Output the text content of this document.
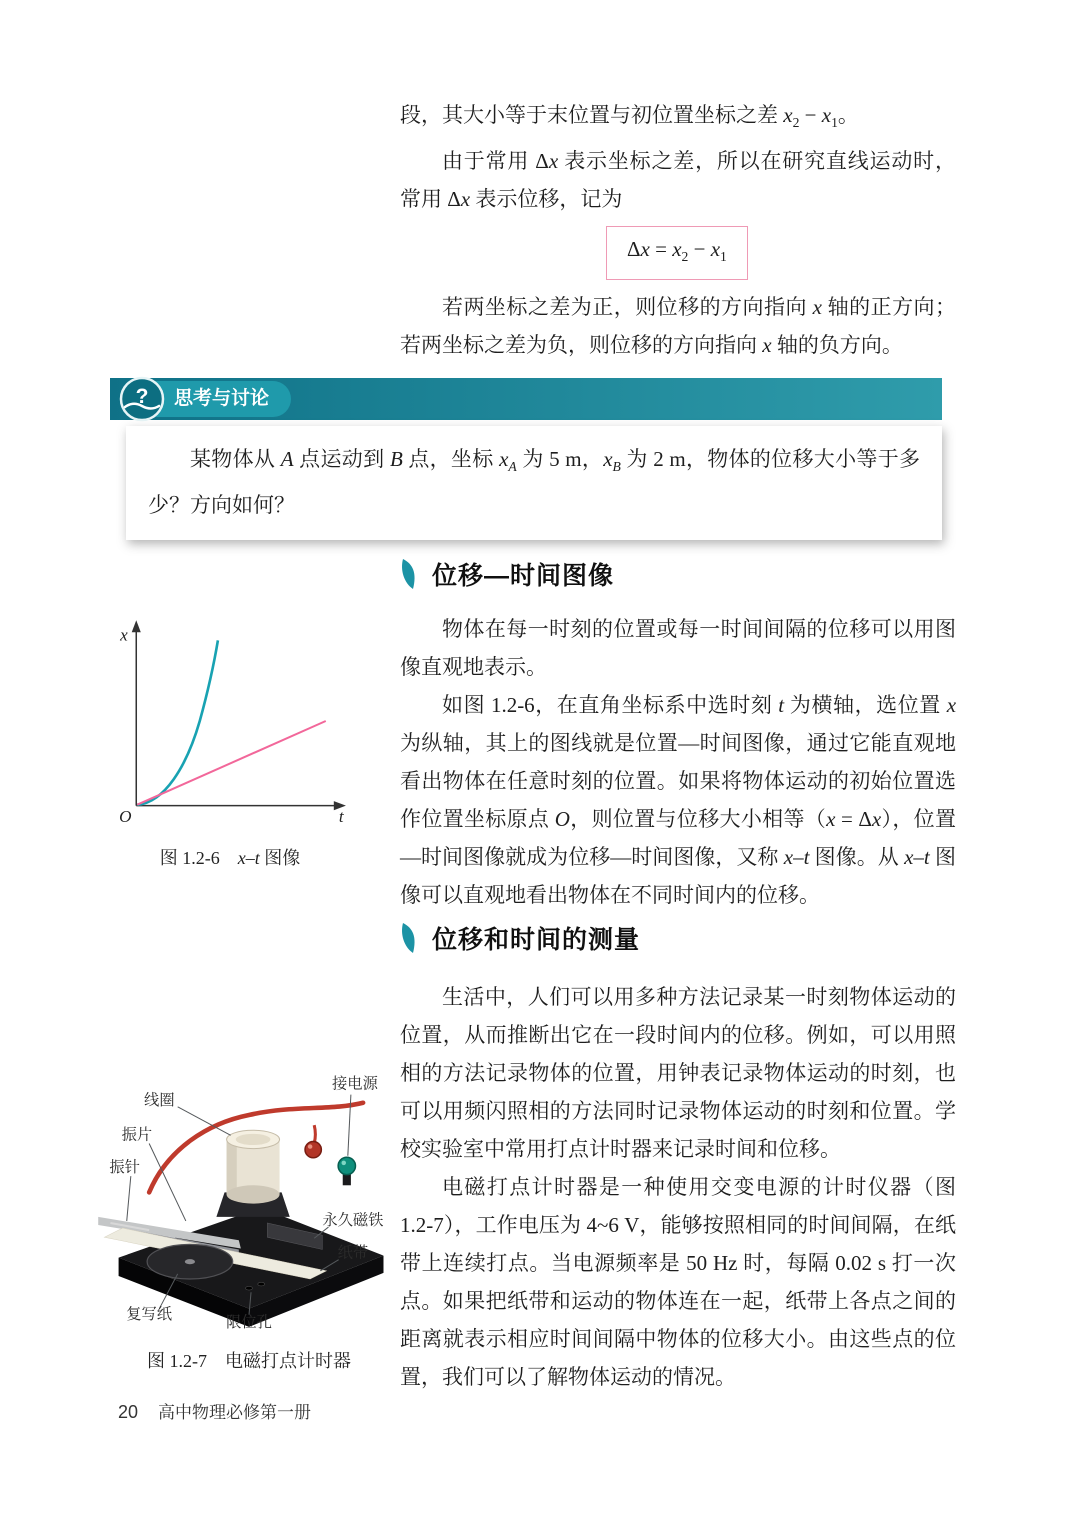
段，其大小等于末位置与初位置坐标之差 $x_2 - x_1$。

由于常用 Δx 表示坐标之差，所以在研究直线运动时，常用 Δx 表示位移，记为

$\Delta x = x_2 - x_1$

若两坐标之差为正，则位移的方向指向 x 轴的正方向；若两坐标之差为负，则位移的方向指向 x 轴的负方向。

? 思考与讨论

某物体从 A 点运动到 B 点，坐标 $x_A$ 为 5 m，$x_B$ 为 2 m，物体的位移大小等于多少？方向如何？

位移—时间图像

物体在每一时刻的位置或每一时间间隔的位移可以用图像直观地表示。

如图 1.2-6，在直角坐标系中选时刻 t 为横轴，选位置 x 为纵轴，其上的图线就是位置—时间图像，通过它能直观地看出物体在任意时刻的位置。如果将物体运动的初始位置选作位置坐标原点 O，则位置与位移大小相等（x = Δx），位置—时间图像就成为位移—时间图像，又称 x–t 图像。从 x–t 图像可以直观地看出物体在不同时间内的位移。

x
t
O
图 1.2-6　x–t 图像
位移和时间的测量

生活中，人们可以用多种方法记录某一时刻物体运动的位置，从而推断出它在一段时间内的位移。例如，可以用照相的方法记录物体的位置，用钟表记录物体运动的时刻，也可以用频闪照相的方法同时记录物体运动的时刻和位置。学校实验室中常用打点计时器来记录时间和位移。

电磁打点计时器是一种使用交变电源的计时仪器（图 1.2-7），工作电压为 4~6 V，能够按照相同的时间间隔，在纸带上连续打点。当电源频率是 50 Hz 时，每隔 0.02 s 打一次点。如果把纸带和运动的物体连在一起，纸带上各点之间的距离就表示相应时间间隔中物体的位移大小。由这些点的位置，我们可以了解物体运动的情况。

线圈
接电源
振片
振针
永久磁铁
纸带
复写纸	限位孔
图 1.2-7　电磁打点计时器
20 高中物理必修第一册
